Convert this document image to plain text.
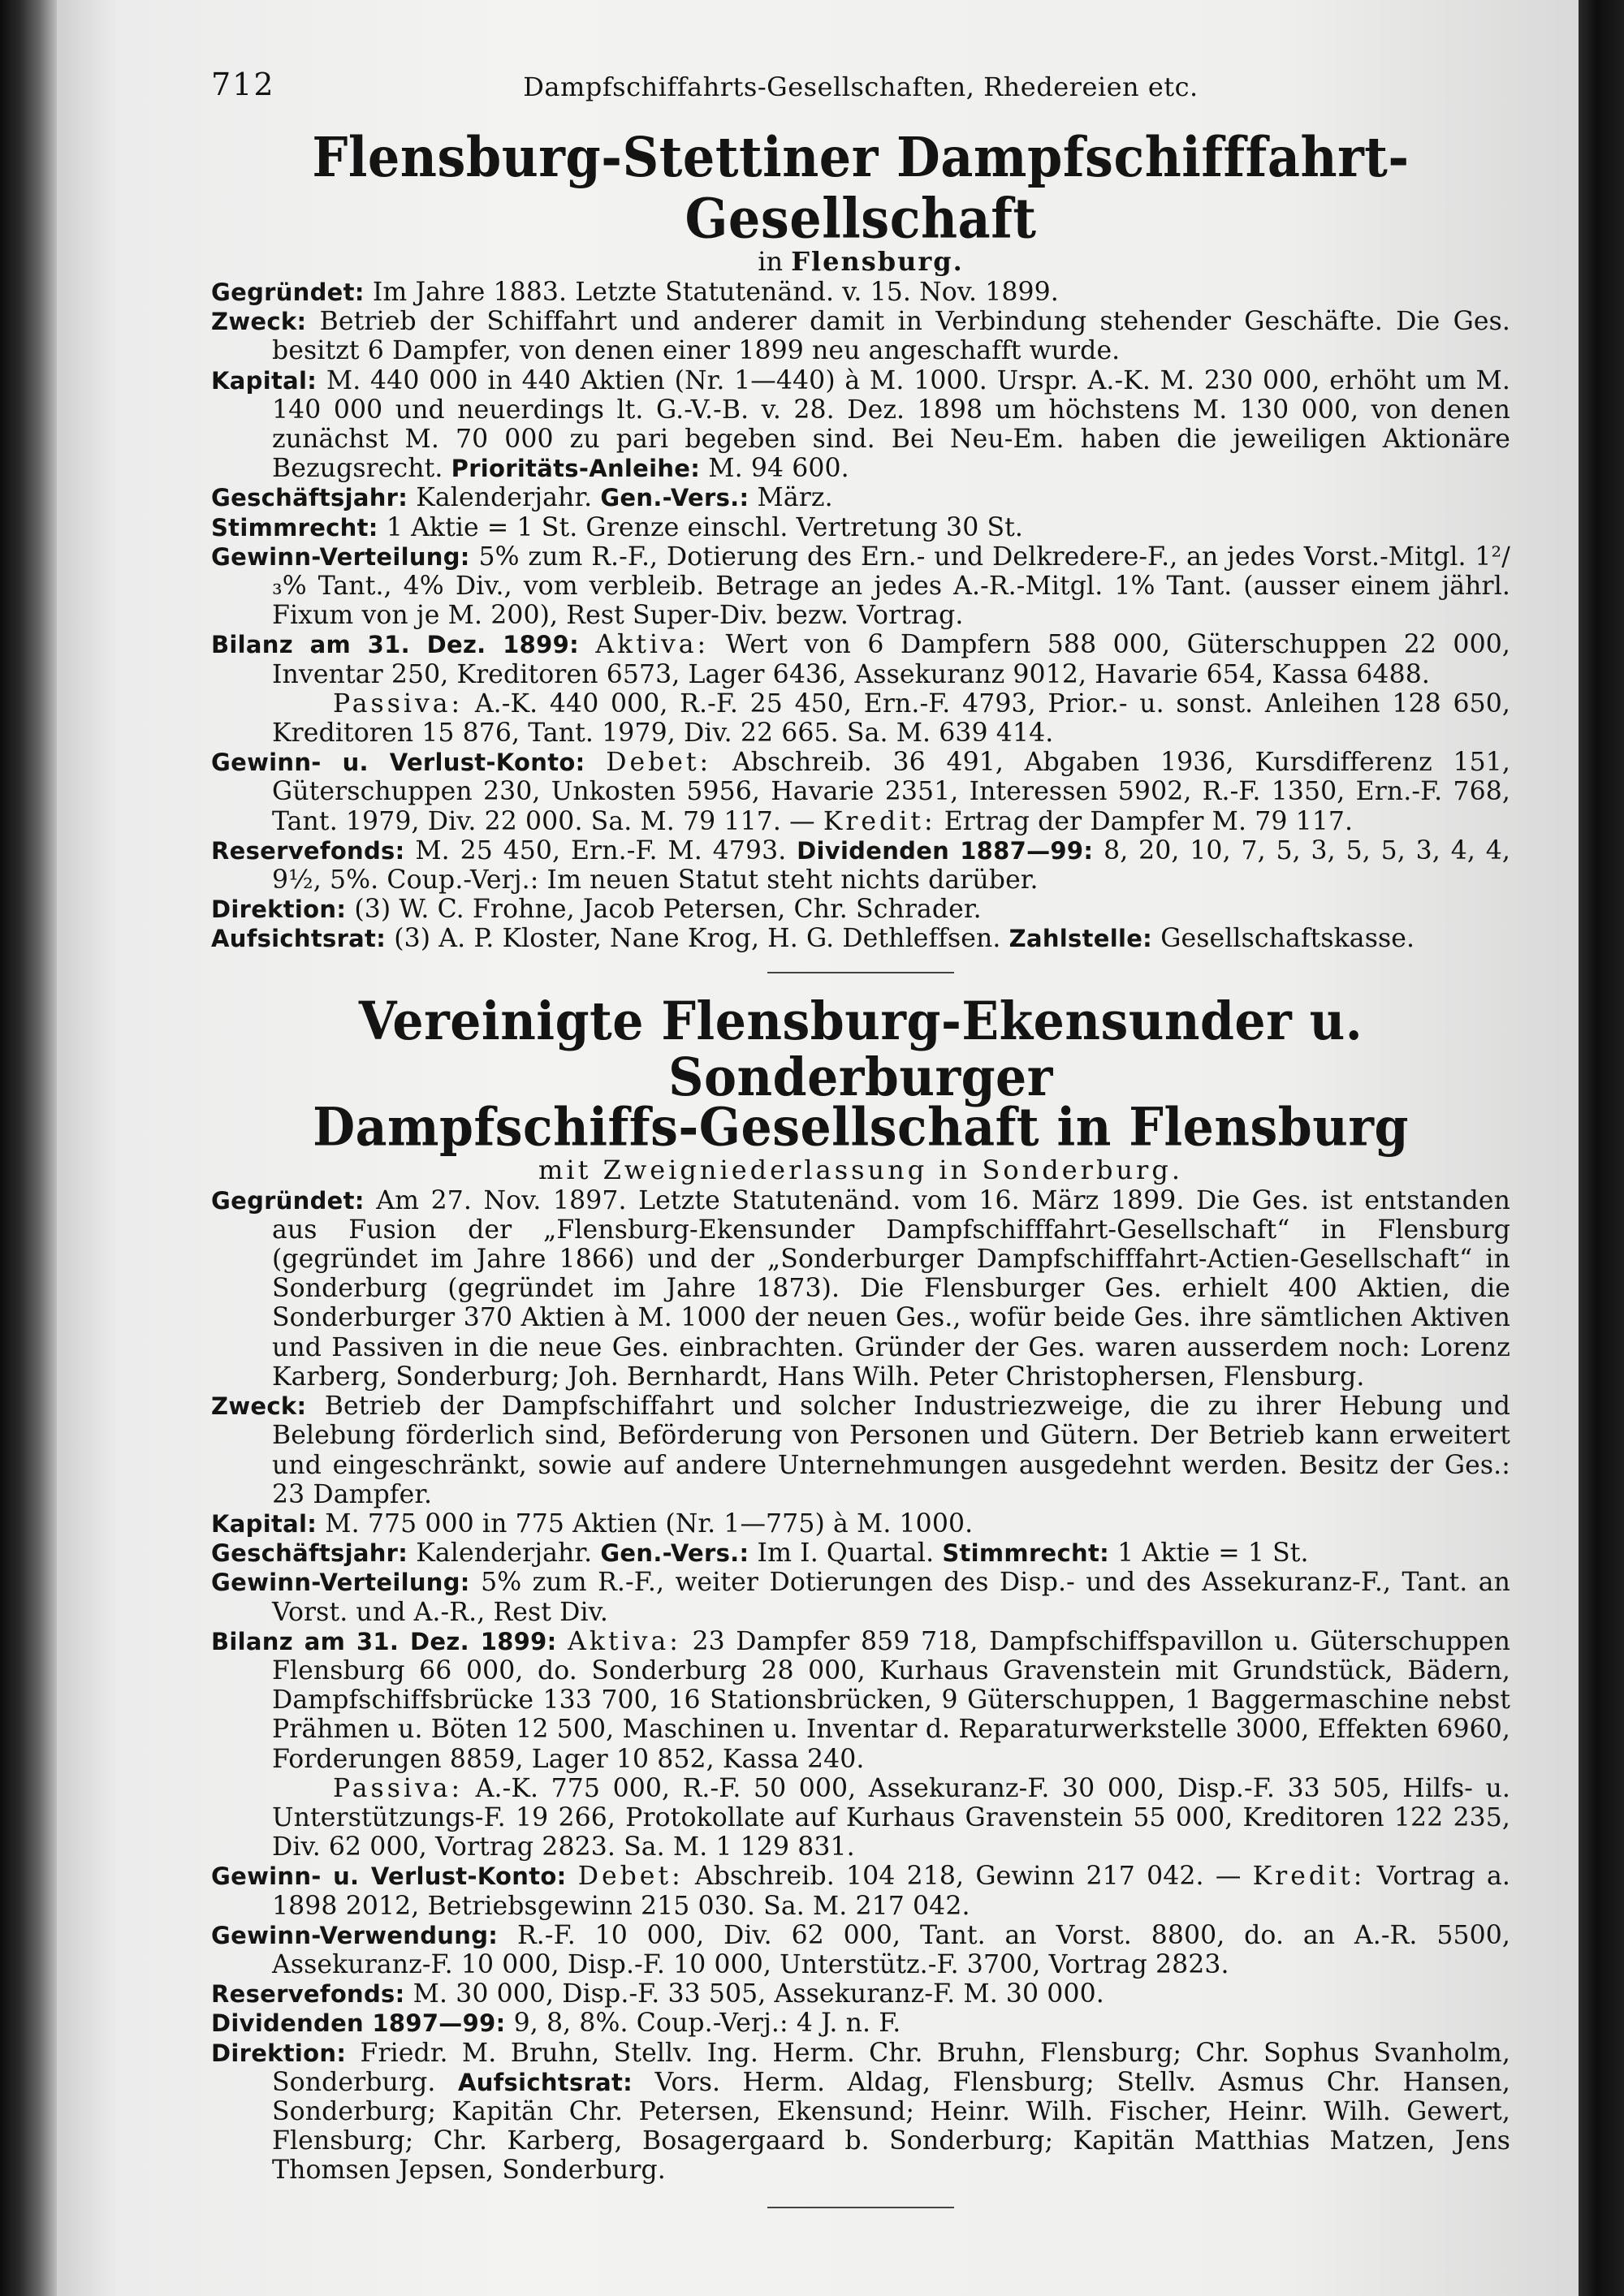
712	Dampfschiffahrts-Gesellschaften, Rhedereien etc.
Flensburg-Stettiner Dampfschifffahrt-Gesellschaft
in Flensburg.

Gegründet: Im Jahre 1883. Letzte Statutenänd. v. 15. Nov. 1899.

Zweck: Betrieb der Schiffahrt und anderer damit in Verbindung stehender Geschäfte. Die Ges. besitzt 6 Dampfer, von denen einer 1899 neu angeschafft wurde.

Kapital: M. 440 000 in 440 Aktien (Nr. 1—440) à M. 1000. Urspr. A.-K. M. 230 000, erhöht um M. 140 000 und neuerdings lt. G.-V.-B. v. 28. Dez. 1898 um höchstens M. 130 000, von denen zunächst M. 70 000 zu pari begeben sind. Bei Neu-Em. haben die jeweiligen Aktionäre Bezugsrecht. Prioritäts-Anleihe: M. 94 600.

Geschäftsjahr: Kalenderjahr. Gen.-Vers.: März.

Stimmrecht: 1 Aktie = 1 St. Grenze einschl. Vertretung 30 St.

Gewinn-Verteilung: 5% zum R.-F., Dotierung des Ern.- und Delkredere-F., an jedes Vorst.-Mitgl. 1²/₃% Tant., 4% Div., vom verbleib. Betrage an jedes A.-R.-Mitgl. 1% Tant. (ausser einem jährl. Fixum von je M. 200), Rest Super-Div. bezw. Vortrag.

Bilanz am 31. Dez. 1899: Aktiva: Wert von 6 Dampfern 588 000, Güterschuppen 22 000, Inventar 250, Kreditoren 6573, Lager 6436, Assekuranz 9012, Havarie 654, Kassa 6488.

Passiva: A.-K. 440 000, R.-F. 25 450, Ern.-F. 4793, Prior.- u. sonst. Anleihen 128 650, Kreditoren 15 876, Tant. 1979, Div. 22 665. Sa. M. 639 414.

Gewinn- u. Verlust-Konto: Debet: Abschreib. 36 491, Abgaben 1936, Kursdifferenz 151, Güterschuppen 230, Unkosten 5956, Havarie 2351, Interessen 5902, R.-F. 1350, Ern.-F. 768, Tant. 1979, Div. 22 000. Sa. M. 79 117. — Kredit: Ertrag der Dampfer M. 79 117.

Reservefonds: M. 25 450, Ern.-F. M. 4793. Dividenden 1887—99: 8, 20, 10, 7, 5, 3, 5, 5, 3, 4, 4, 9½, 5%. Coup.-Verj.: Im neuen Statut steht nichts darüber.

Direktion: (3) W. C. Frohne, Jacob Petersen, Chr. Schrader.

Aufsichtsrat: (3) A. P. Kloster, Nane Krog, H. G. Dethleffsen. Zahlstelle: Gesellschaftskasse.

Vereinigte Flensburg-Ekensunder u. Sonderburger
Dampfschiffs-Gesellschaft in Flensburg
mit Zweigniederlassung in Sonderburg.

Gegründet: Am 27. Nov. 1897. Letzte Statutenänd. vom 16. März 1899. Die Ges. ist entstanden aus Fusion der „Flensburg-Ekensunder Dampfschifffahrt-Gesellschaft“ in Flensburg (gegründet im Jahre 1866) und der „Sonderburger Dampfschifffahrt-Actien-Gesellschaft“ in Sonderburg (gegründet im Jahre 1873). Die Flensburger Ges. erhielt 400 Aktien, die Sonderburger 370 Aktien à M. 1000 der neuen Ges., wofür beide Ges. ihre sämtlichen Aktiven und Passiven in die neue Ges. einbrachten. Gründer der Ges. waren ausserdem noch: Lorenz Karberg, Sonderburg; Joh. Bernhardt, Hans Wilh. Peter Christophersen, Flensburg.

Zweck: Betrieb der Dampfschiffahrt und solcher Industriezweige, die zu ihrer Hebung und Belebung förderlich sind, Beförderung von Personen und Gütern. Der Betrieb kann erweitert und eingeschränkt, sowie auf andere Unternehmungen ausgedehnt werden. Besitz der Ges.: 23 Dampfer.

Kapital: M. 775 000 in 775 Aktien (Nr. 1—775) à M. 1000.

Geschäftsjahr: Kalenderjahr. Gen.-Vers.: Im I. Quartal. Stimmrecht: 1 Aktie = 1 St.

Gewinn-Verteilung: 5% zum R.-F., weiter Dotierungen des Disp.- und des Assekuranz-F., Tant. an Vorst. und A.-R., Rest Div.

Bilanz am 31. Dez. 1899: Aktiva: 23 Dampfer 859 718, Dampfschiffspavillon u. Güterschuppen Flensburg 66 000, do. Sonderburg 28 000, Kurhaus Gravenstein mit Grundstück, Bädern, Dampfschiffsbrücke 133 700, 16 Stationsbrücken, 9 Güterschuppen, 1 Baggermaschine nebst Prähmen u. Böten 12 500, Maschinen u. Inventar d. Reparaturwerkstelle 3000, Effekten 6960, Forderungen 8859, Lager 10 852, Kassa 240.

Passiva: A.-K. 775 000, R.-F. 50 000, Assekuranz-F. 30 000, Disp.-F. 33 505, Hilfs- u. Unterstützungs-F. 19 266, Protokollate auf Kurhaus Gravenstein 55 000, Kreditoren 122 235, Div. 62 000, Vortrag 2823. Sa. M. 1 129 831.

Gewinn- u. Verlust-Konto: Debet: Abschreib. 104 218, Gewinn 217 042. — Kredit: Vortrag a. 1898 2012, Betriebsgewinn 215 030. Sa. M. 217 042.

Gewinn-Verwendung: R.-F. 10 000, Div. 62 000, Tant. an Vorst. 8800, do. an A.-R. 5500, Assekuranz-F. 10 000, Disp.-F. 10 000, Unterstütz.-F. 3700, Vortrag 2823.

Reservefonds: M. 30 000, Disp.-F. 33 505, Assekuranz-F. M. 30 000.

Dividenden 1897—99: 9, 8, 8%. Coup.-Verj.: 4 J. n. F.

Direktion: Friedr. M. Bruhn, Stellv. Ing. Herm. Chr. Bruhn, Flensburg; Chr. Sophus Svanholm, Sonderburg. Aufsichtsrat: Vors. Herm. Aldag, Flensburg; Stellv. Asmus Chr. Hansen, Sonderburg; Kapitän Chr. Petersen, Ekensund; Heinr. Wilh. Fischer, Heinr. Wilh. Gewert, Flensburg; Chr. Karberg, Bosagergaard b. Sonderburg; Kapitän Matthias Matzen, Jens Thomsen Jepsen, Sonderburg.
